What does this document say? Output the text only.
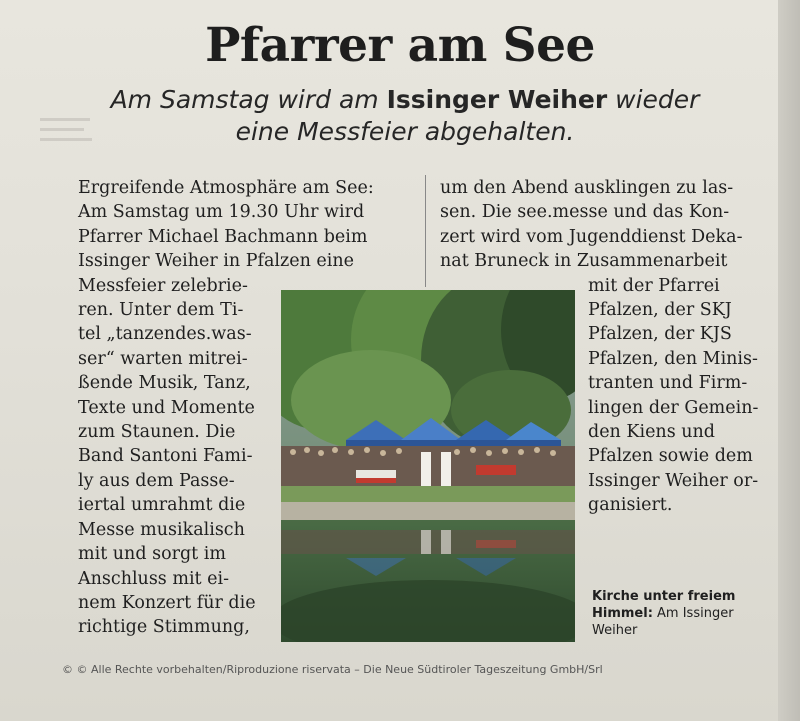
Pfarrer am See
Am Samstag wird am Issinger Weiher wieder eine Messfeier abgehalten.
Ergreifende Atmosphäre am See:
Am Samstag um 19.30 Uhr wird
Pfarrer Michael Bachmann beim
Issinger Weiher in Pfalzen eine
Messfeier zelebrie-
ren. Unter dem Ti-
tel „tanzendes.was-
ser“ warten mitrei-
ßende Musik, Tanz,
Texte und Momente
zum Staunen. Die
Band Santoni Fami-
ly aus dem Passe-
iertal umrahmt die
Messe musikalisch
mit und sorgt im
Anschluss mit ei-
nem Konzert für die
richtige Stimmung,
um den Abend ausklingen zu las-
sen. Die see.messe und das Kon-
zert wird vom Jugenddienst Deka-
nat Bruneck in Zusammenarbeit
mit der Pfarrei
Pfalzen, der SKJ
Pfalzen, der KJS
Pfalzen, den Minis-
tranten und Firm-
lingen der Gemein-
den Kiens und
Pfalzen sowie dem
Issinger Weiher or-
ganisiert.
Kirche unter freiem Himmel: Am Issinger Weiher
© © Alle Rechte vorbehalten/Riproduzione riservata – Die Neue Südtiroler Tageszeitung GmbH/Srl
